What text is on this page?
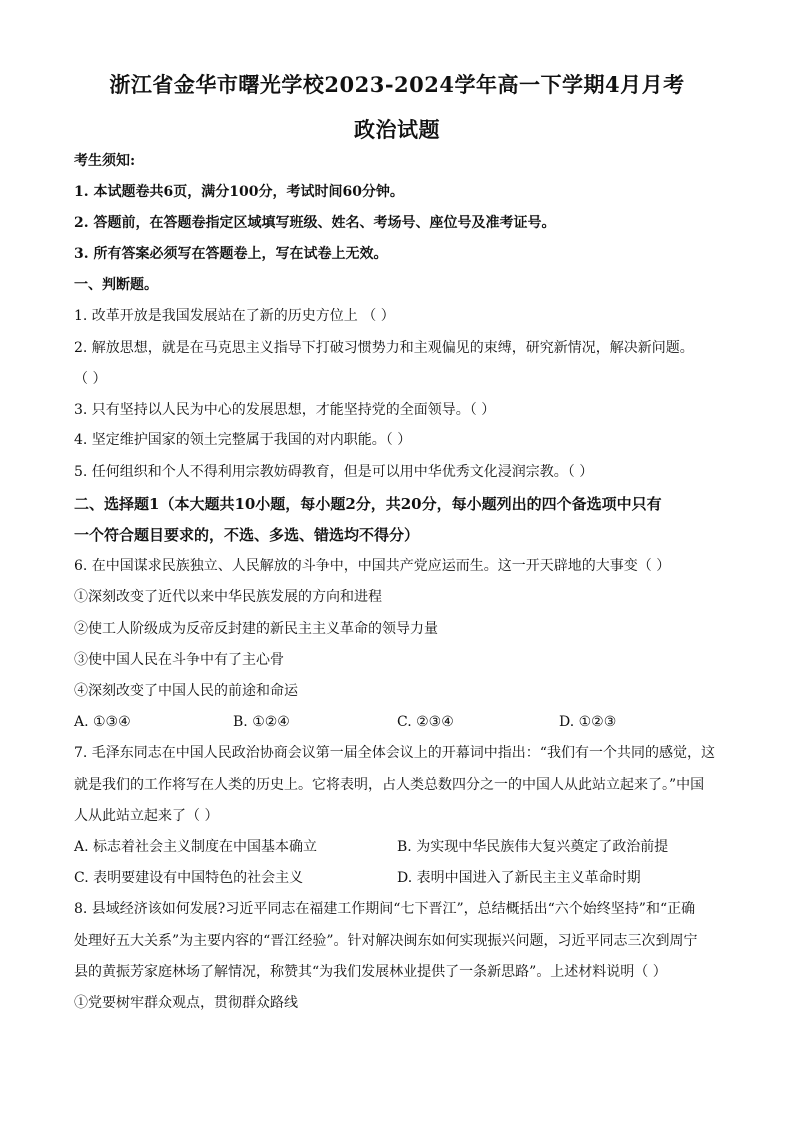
浙江省金华市曙光学校2023-2024学年高一下学期4月月考
政治试题
考生须知:
1. 本试题卷共6页，满分100分，考试时间60分钟。
2. 答题前，在答题卷指定区域填写班级、姓名、考场号、座位号及准考证号。
3. 所有答案必须写在答题卷上，写在试卷上无效。
一、判断题。
1. 改革开放是我国发展站在了新的历史方位上 （ ）
2. 解放思想，就是在马克思主义指导下打破习惯势力和主观偏见的束缚，研究新情况，解决新问题。
（ ）
3. 只有坚持以人民为中心的发展思想，才能坚持党的全面领导。（ ）
4. 坚定维护国家的领土完整属于我国的对内职能。（ ）
5. 任何组织和个人不得利用宗教妨碍教育，但是可以用中华优秀文化浸润宗教。（ ）
二、选择题1（本大题共10小题，每小题2分，共20分，每小题列出的四个备选项中只有
一个符合题目要求的，不选、多选、错选均不得分）
6. 在中国谋求民族独立、人民解放的斗争中，中国共产党应运而生。这一开天辟地的大事变（ ）
①深刻改变了近代以来中华民族发展的方向和进程
②使工人阶级成为反帝反封建的新民主主义革命的领导力量
③使中国人民在斗争中有了主心骨
④深刻改变了中国人民的前途和命运
A. ①③④	B. ①②④	C. ②③④	D. ①②③
7. 毛泽东同志在中国人民政治协商会议第一届全体会议上的开幕词中指出：“我们有一个共同的感觉，这
就是我们的工作将写在人类的历史上。它将表明，占人类总数四分之一的中国人从此站立起来了。”中国
人从此站立起来了（ ）
A. 标志着社会主义制度在中国基本确立	B. 为实现中华民族伟大复兴奠定了政治前提
C. 表明要建设有中国特色的社会主义	D. 表明中国进入了新民主主义革命时期
8. 县域经济该如何发展?习近平同志在福建工作期间“七下晋江”，总结概括出“六个始终坚持”和“正确
处理好五大关系”为主要内容的“晋江经验”。针对解决闽东如何实现振兴问题，习近平同志三次到周宁
县的黄振芳家庭林场了解情况，称赞其“为我们发展林业提供了一条新思路”。上述材料说明（ ）
①党要树牢群众观点，贯彻群众路线
